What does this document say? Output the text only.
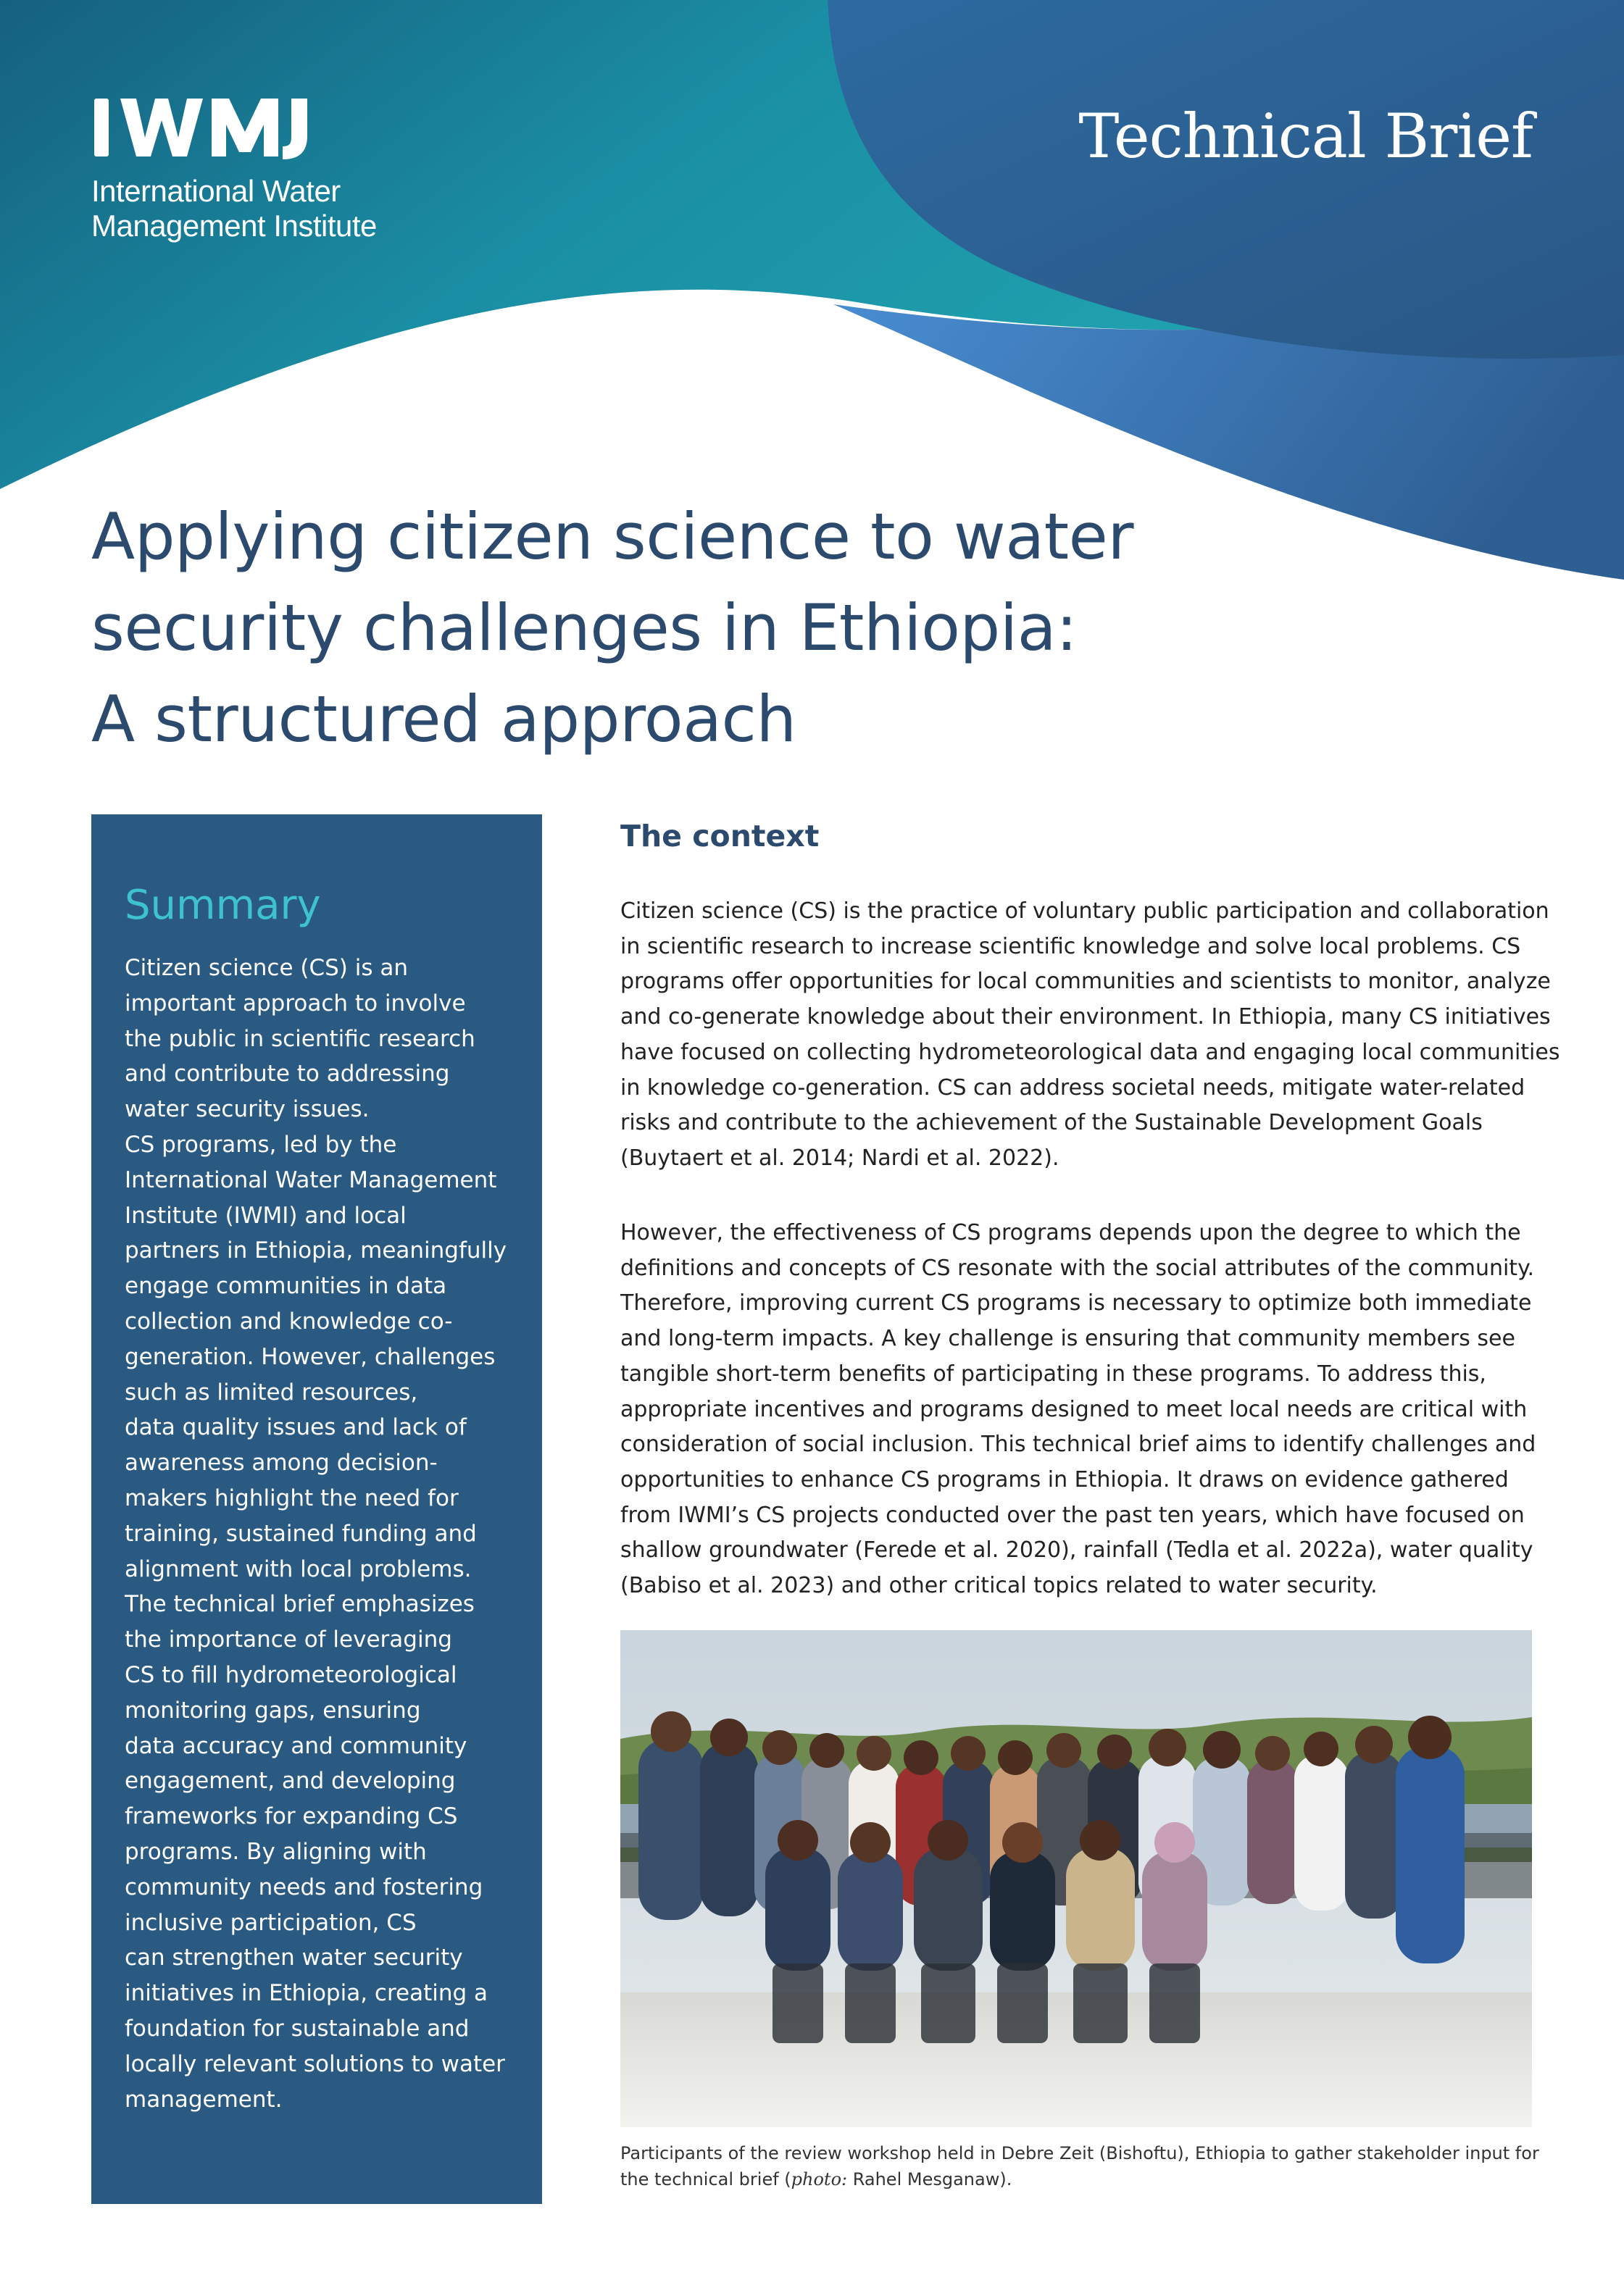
International Water
Management Institute
Technical Brief
Applying citizen science to water
security challenges in Ethiopia:
A structured approach
Summary
Citizen science (CS) is an
important approach to involve
the public in scientific research
and contribute to addressing
water security issues.
CS programs, led by the
International Water Management
Institute (IWMI) and local
partners in Ethiopia, meaningfully
engage communities in data
collection and knowledge co-
generation. However, challenges
such as limited resources,
data quality issues and lack of
awareness among decision-
makers highlight the need for
training, sustained funding and
alignment with local problems.
The technical brief emphasizes
the importance of leveraging
CS to fill hydrometeorological
monitoring gaps, ensuring
data accuracy and community
engagement, and developing
frameworks for expanding CS
programs. By aligning with
community needs and fostering
inclusive participation, CS
can strengthen water security
initiatives in Ethiopia, creating a
foundation for sustainable and
locally relevant solutions to water
management.
The context
Citizen science (CS) is the practice of voluntary public participation and collaboration
in scientific research to increase scientific knowledge and solve local problems. CS
programs offer opportunities for local communities and scientists to monitor, analyze
and co-generate knowledge about their environment. In Ethiopia, many CS initiatives
have focused on collecting hydrometeorological data and engaging local communities
in knowledge co-generation. CS can address societal needs, mitigate water-related
risks and contribute to the achievement of the Sustainable Development Goals
(Buytaert et al. 2014; Nardi et al. 2022).
However, the effectiveness of CS programs depends upon the degree to which the
definitions and concepts of CS resonate with the social attributes of the community.
Therefore, improving current CS programs is necessary to optimize both immediate
and long-term impacts. A key challenge is ensuring that community members see
tangible short-term benefits of participating in these programs. To address this,
appropriate incentives and programs designed to meet local needs are critical with
consideration of social inclusion. This technical brief aims to identify challenges and
opportunities to enhance CS programs in Ethiopia. It draws on evidence gathered
from IWMI’s CS projects conducted over the past ten years, which have focused on
shallow groundwater (Ferede et al. 2020), rainfall (Tedla et al. 2022a), water quality
(Babiso et al. 2023) and other critical topics related to water security.
Participants of the review workshop held in Debre Zeit (Bishoftu), Ethiopia to gather stakeholder input for
the technical brief (photo: Rahel Mesganaw).
